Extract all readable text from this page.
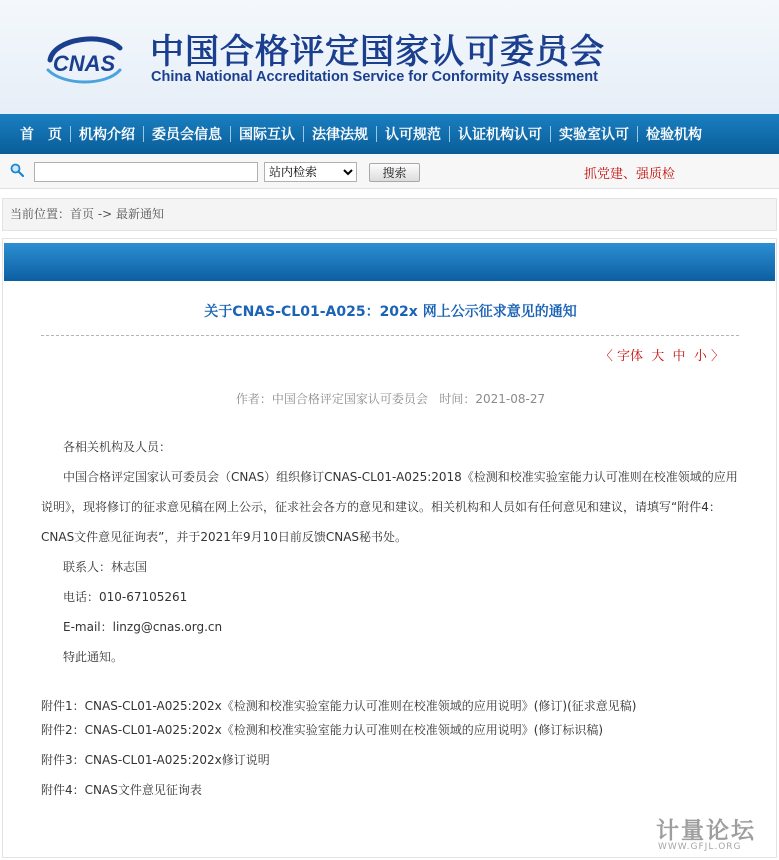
CNAS 中国合格评定国家认可委员会
China National Accreditation Service for Conformity Assessment
首　页	机构介绍	委员会信息	国际互认	法律法规	认可规范	认证机构认可	实验室认可	检验机构
站内检索
搜索	抓党建、强质检
当前位置：首页 -> 最新通知
关于CNAS-CL01-A025：202x 网上公示征求意见的通知
〈 字体 大 中 小 〉
作者：中国合格评定国家认可委员会 时间：2021-08-27

各相关机构及人员：

中国合格评定国家认可委员会（CNAS）组织修订CNAS-CL01-A025:2018《检测和校准实验室能力认可准则在校准领域的应用说明》，现将修订的征求意见稿在网上公示，征求社会各方的意见和建议。相关机构和人员如有任何意见和建议，请填写“附件4：CNAS文件意见征询表”，并于2021年9月10日前反馈CNAS秘书处。

联系人：林志国

电话：010-67105261

E-mail：linzg@cnas.org.cn

特此通知。

附件1：CNAS-CL01-A025:202x《检测和校准实验室能力认可准则在校准领域的应用说明》(修订)(征求意见稿)
附件2：CNAS-CL01-A025:202x《检测和校准实验室能力认可准则在校准领域的应用说明》(修订标识稿)
附件3：CNAS-CL01-A025:202x修订说明
附件4：CNAS文件意见征询表
计量论坛
WWW.GFJL.ORG
